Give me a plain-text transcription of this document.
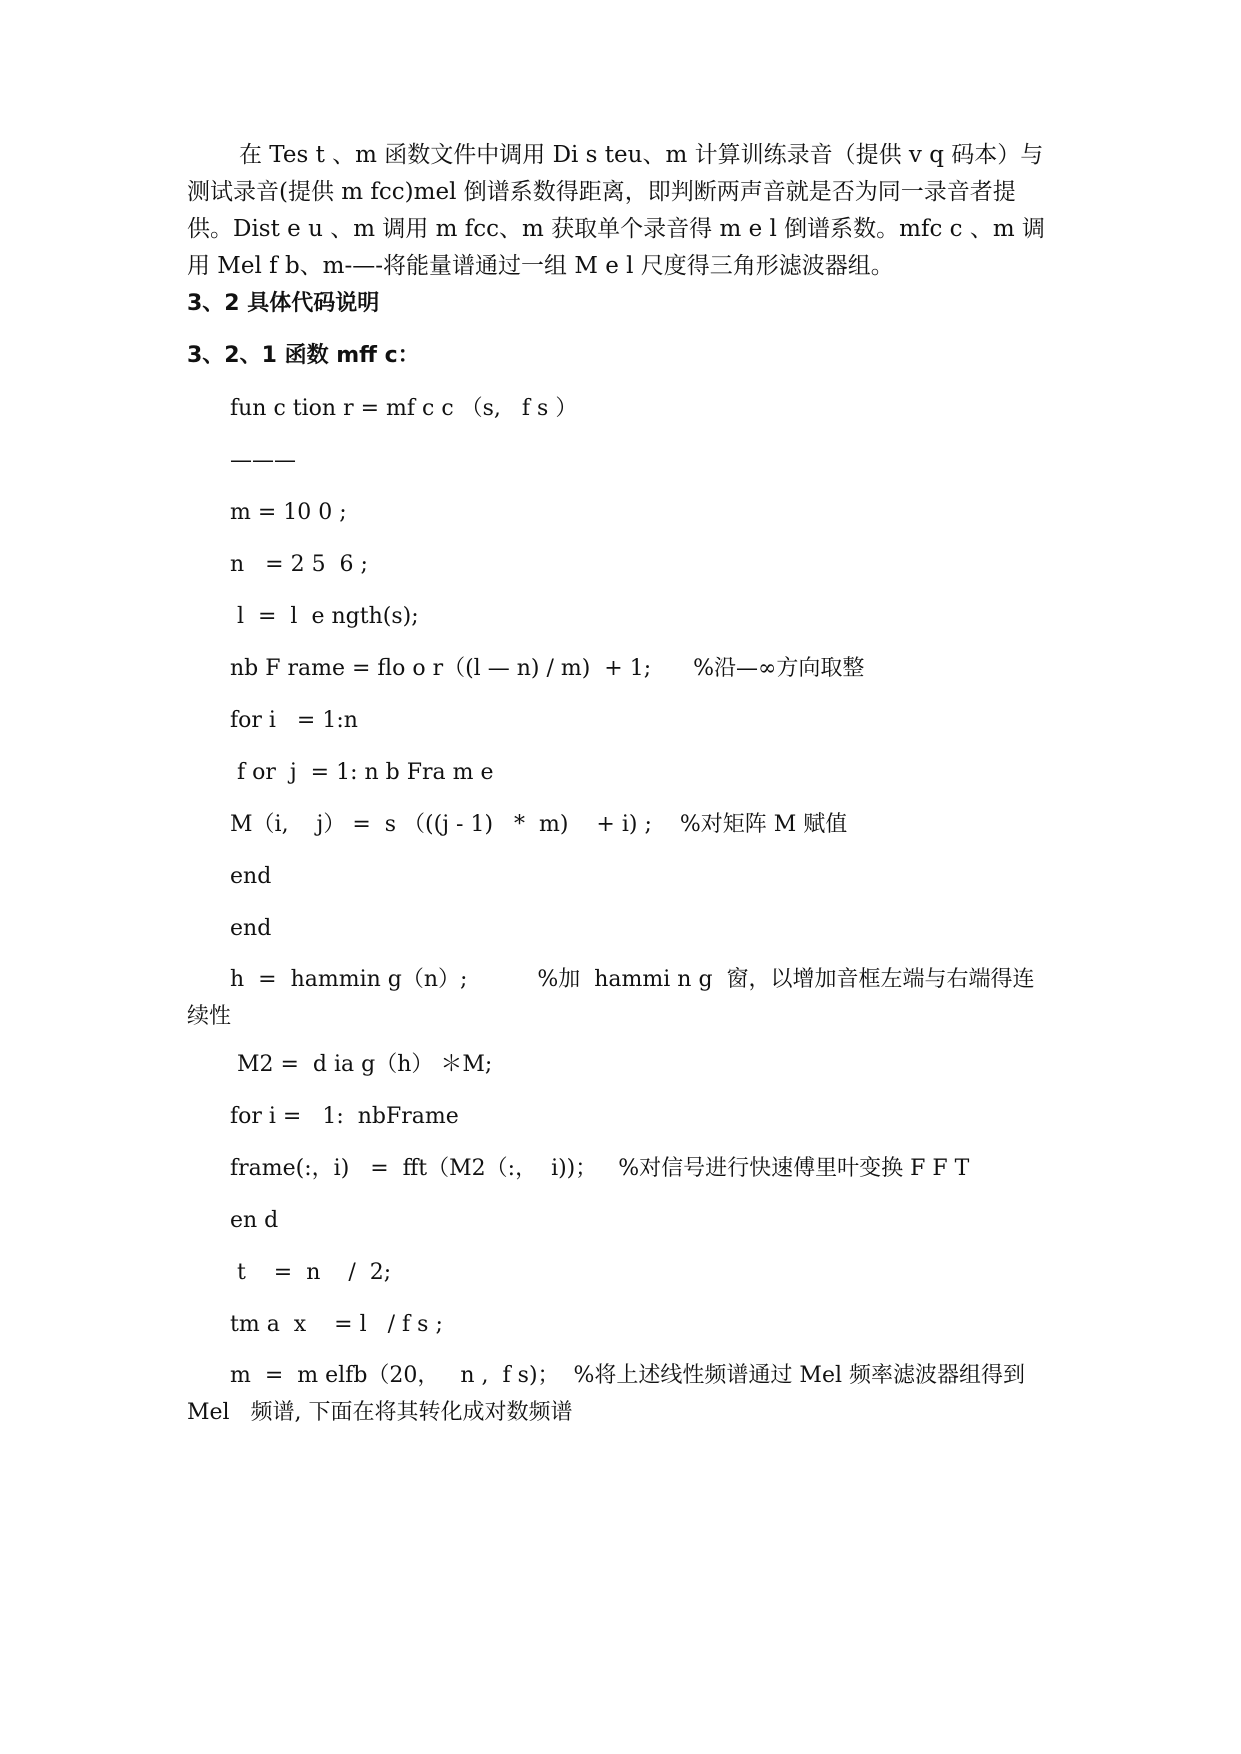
在 Tes t 、m 函数文件中调用 Di s teu、m 计算训练录音（提供 v q 码本）与测试录音(提供 m fcc)mel 倒谱系数得距离，即判断两声音就是否为同一录音者提供。Dist e u 、m 调用 m fcc、m 获取单个录音得 m e l 倒谱系数。mfc c 、m 调用 Mel f b、m-—-将能量谱通过一组 M e l 尺度得三角形滤波器组。
3、2 具体代码说明
3、2、1 函数 mff c：
fun c tion r = mf c c （s,   f s ）
———
m = 10 0 ;
n   = 2 5  6 ;
l  =  l  e ngth(s);
nb F rame = flo o r（(l — n) / m)  + 1;      %沿—∞方向取整
for i   = 1:n
f or  j  = 1: n b Fra m e
M（i,    j） =  s （((j - 1)   *  m)    + i) ;    %对矩阵 M 赋值
end
end
h  =  hammin g（n）;          %加  hammi n g  窗，以增加音框左端与右端得连续性
M2 =  d ia g（h） ＊M;
for i =   1:  nbFrame
frame(:，i)   =  fft（M2（:，  i))；   %对信号进行快速傅里叶变换 F F T
en d
t    =  n    /  2;
tm a  x    = l   / f s ;
m  =  m elfb（20，   n ,  f s)；  %将上述线性频谱通过 Mel 频率滤波器组得到 Mel   频谱, 下面在将其转化成对数频谱
